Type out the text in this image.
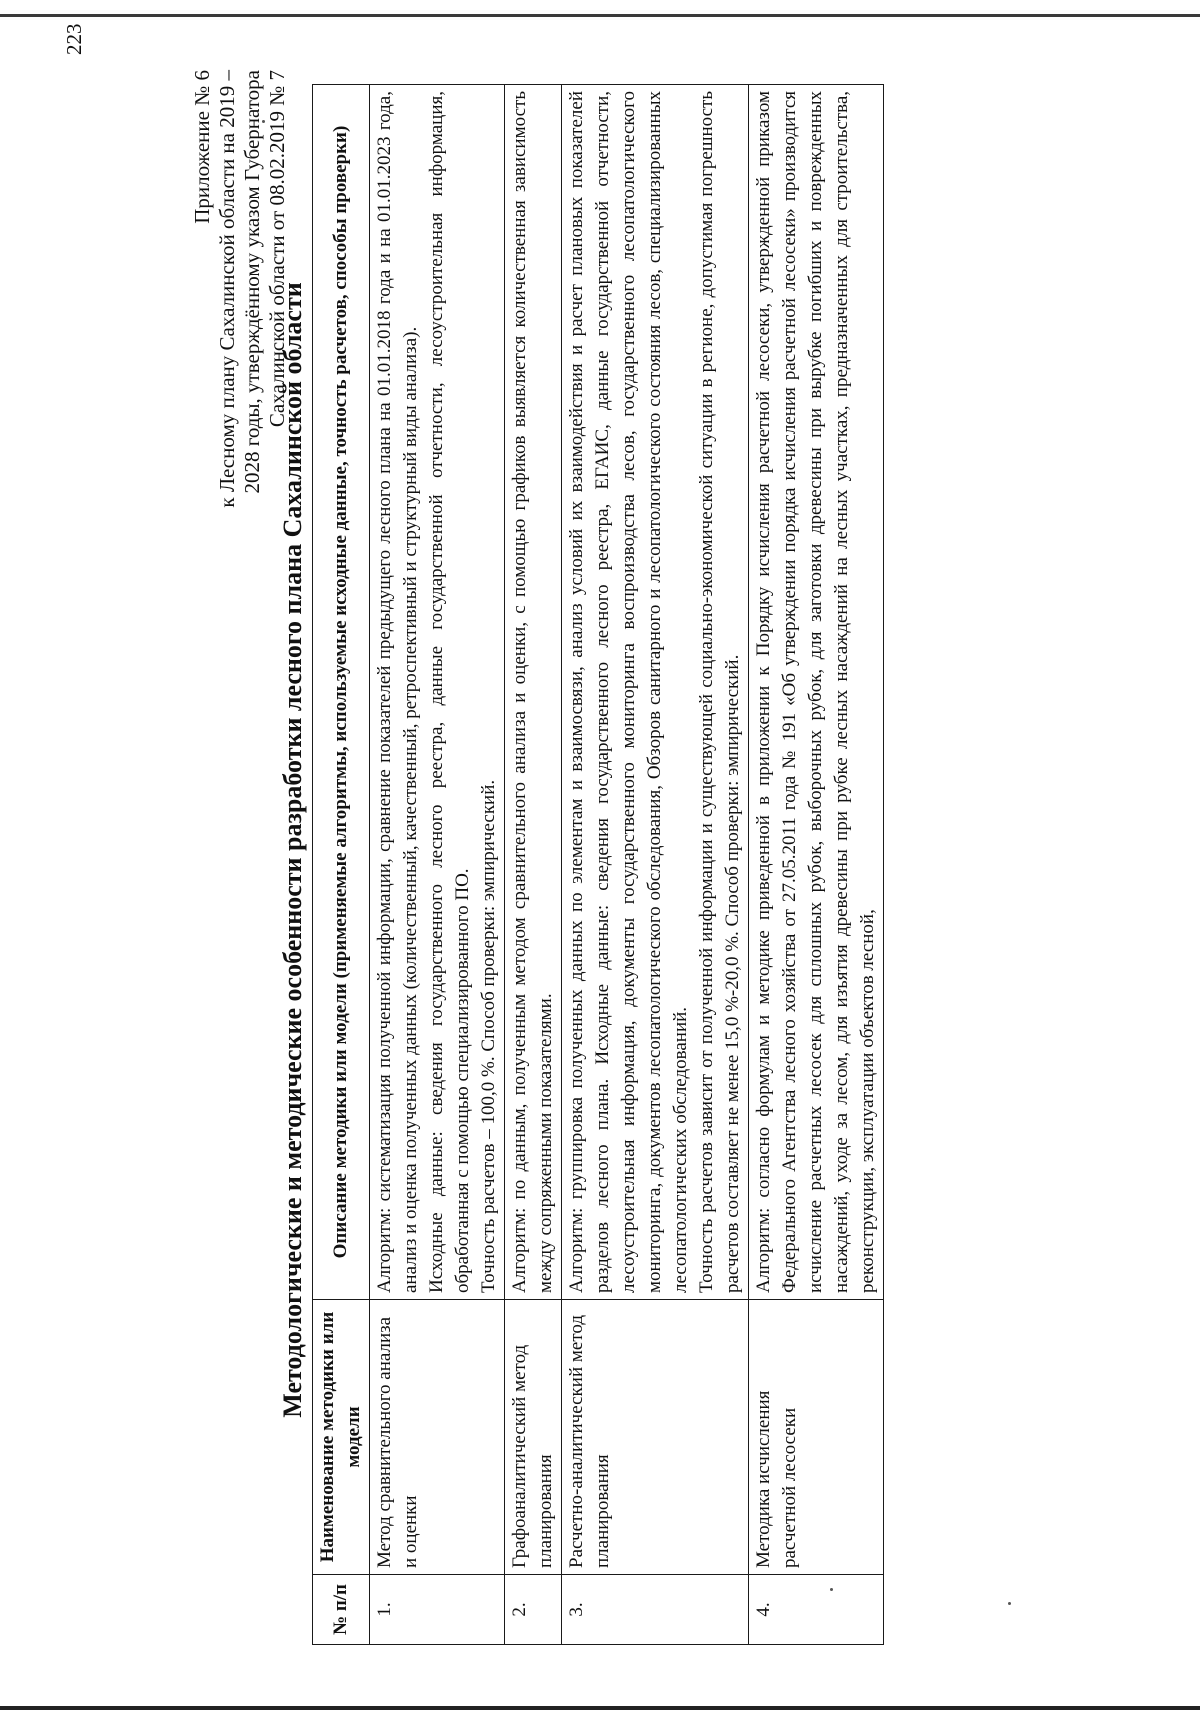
223
Приложение № 6 к Лесному плану Сахалинской области на 2019 – 2028 годы, утверждённому указом Губернатора Сахалинской области от 08.02.2019 № 7
Методологические и методические особенности разработки лесного плана Сахалинской области
№ п/п	Наименование методики или модели	Описание методики или модели (применяемые алгоритмы, используемые исходные данные, точность расчетов, способы проверки)
1.	Метод сравнительного анализа и оценки	Алгоритм: систематизация полученной информации, сравнение показателей предыдущего лесного плана на 01.01.2018 года и на 01.01.2023 года, анализ и оценка полученных данных (количественный, качественный, ретроспективный и структурный виды анализа). Исходные данные: сведения государственного лесного реестра, данные государственной отчетности, лесоустроительная информация, обработанная с помощью специализированного ПО. Точность расчетов – 100,0 %. Способ проверки: эмпирический.

2.	Графоаналитический метод планирования	Алгоритм: по данным, полученным методом сравнительного анализа и оценки, с помощью графиков выявляется количественная зависимость между сопряженными показателями.

3.	Расчетно-аналитический метод планирования	Алгоритм: группировка полученных данных по элементам и взаимосвязи, анализ условий их взаимодействия и расчет плановых показателей разделов лесного плана. Исходные данные: сведения государственного лесного реестра, ЕГАИС, данные государственной отчетности, лесоустроительная информация, документы государственного мониторинга воспроизводства лесов, государственного лесопатологического мониторинга, документов лесопатологического обследования, Обзоров санитарного и лесопатологического состояния лесов, специализированных лесопатологических обследований. Точность расчетов зависит от полученной информации и существующей социально-экономической ситуации в регионе, допустимая погрешность расчетов составляет не менее 15,0 %-20,0 %. Способ проверки: эмпирический.

4.	Методика исчисления расчетной лесосеки	Алгоритм: согласно формулам и методике приведенной в приложении к Порядку исчисления расчетной лесосеки, утвержденной приказом Федерального Агентства лесного хозяйства от 27.05.2011 года № 191 «Об утверждении порядка исчисления расчетной лесосеки» производится исчисление расчетных лесосек для сплошных рубок, выборочных рубок, для заготовки древесины при вырубке погибших и поврежденных насаждений, уходе за лесом, для изъятия древесины при рубке лесных насаждений на лесных участках, предназначенных для строительства, реконструкции, эксплуатации объектов лесной,
